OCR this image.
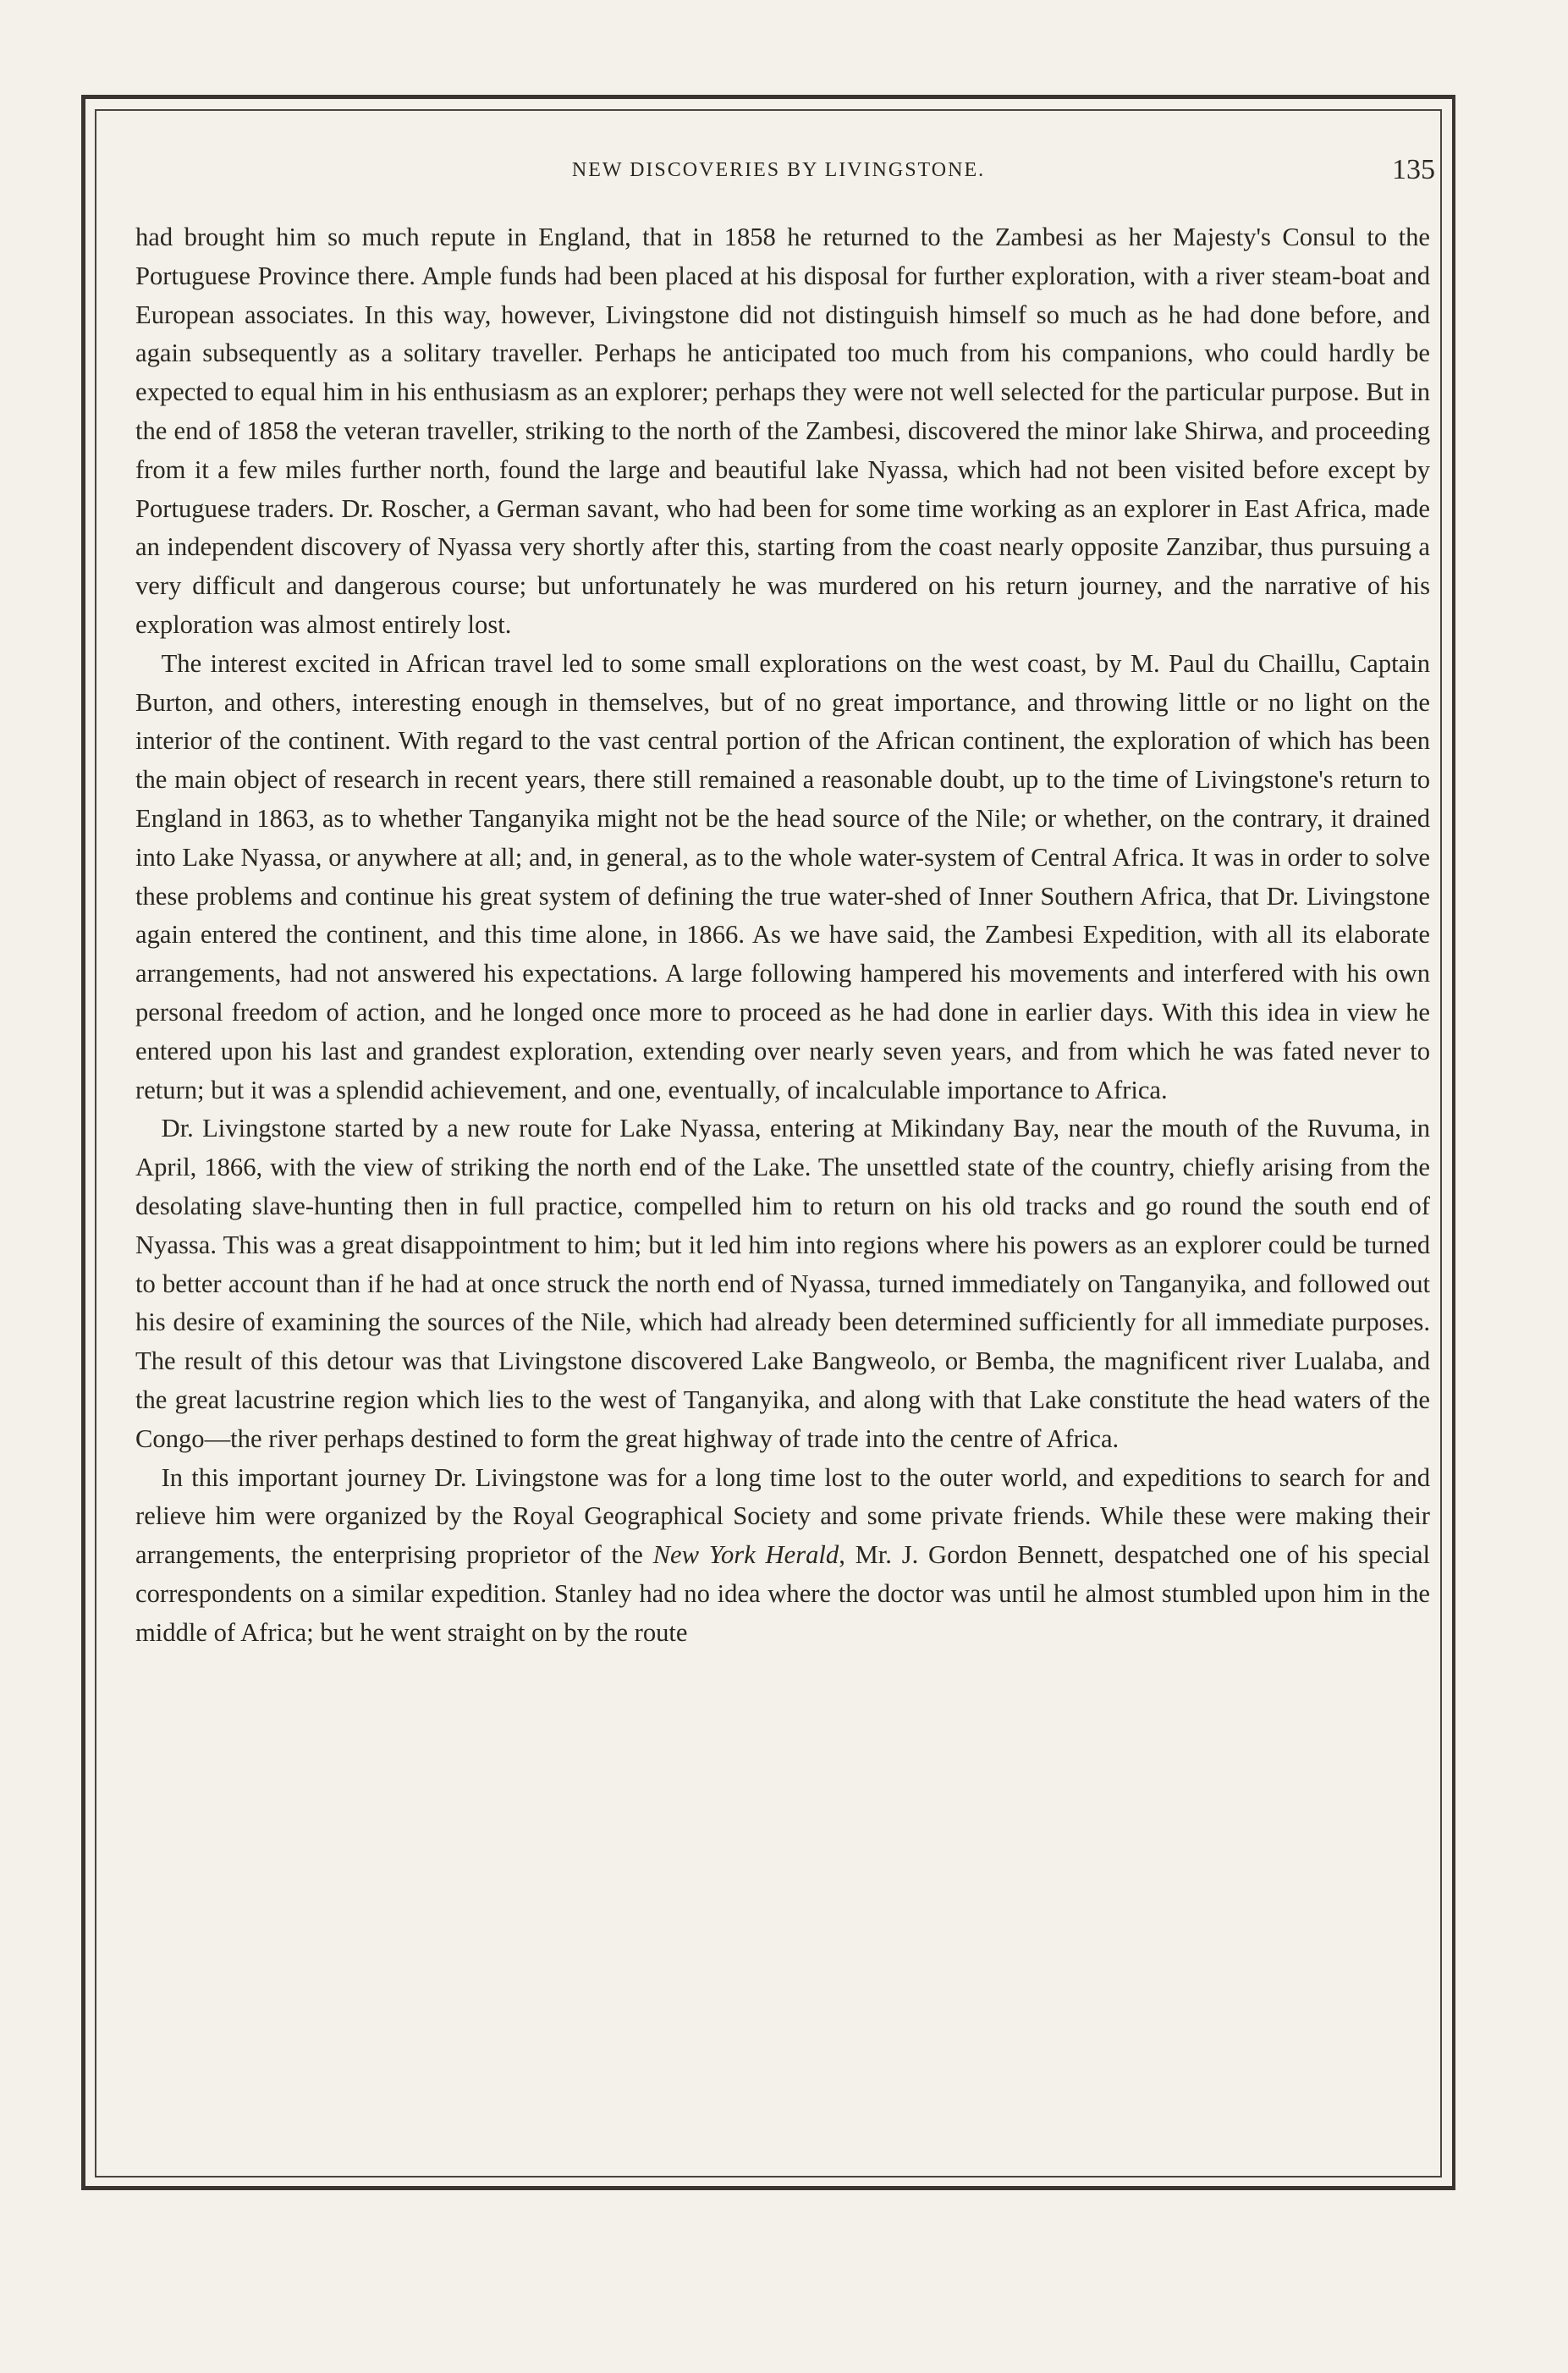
NEW DISCOVERIES BY LIVINGSTONE.	135

had brought him so much repute in England, that in 1858 he returned to the Zambesi as her Majesty's Consul to the Portuguese Province there. Ample funds had been placed at his disposal for further exploration, with a river steam-boat and European associates. In this way, however, Livingstone did not distinguish himself so much as he had done before, and again subsequently as a solitary traveller. Perhaps he anticipated too much from his companions, who could hardly be expected to equal him in his enthusiasm as an explorer; perhaps they were not well selected for the particular purpose. But in the end of 1858 the veteran traveller, striking to the north of the Zambesi, discovered the minor lake Shirwa, and proceeding from it a few miles further north, found the large and beautiful lake Nyassa, which had not been visited before except by Portuguese traders. Dr. Roscher, a German savant, who had been for some time working as an explorer in East Africa, made an independent discovery of Nyassa very shortly after this, starting from the coast nearly opposite Zanzibar, thus pursuing a very difficult and dangerous course; but unfortunately he was murdered on his return journey, and the narrative of his exploration was almost entirely lost.

The interest excited in African travel led to some small explorations on the west coast, by M. Paul du Chaillu, Captain Burton, and others, interesting enough in themselves, but of no great importance, and throwing little or no light on the interior of the continent. With regard to the vast central portion of the African continent, the exploration of which has been the main object of research in recent years, there still remained a reasonable doubt, up to the time of Livingstone's return to England in 1863, as to whether Tanganyika might not be the head source of the Nile; or whether, on the contrary, it drained into Lake Nyassa, or anywhere at all; and, in general, as to the whole water-system of Central Africa. It was in order to solve these problems and continue his great system of defining the true water-shed of Inner Southern Africa, that Dr. Livingstone again entered the continent, and this time alone, in 1866. As we have said, the Zambesi Expedition, with all its elaborate arrangements, had not answered his expectations. A large following hampered his movements and interfered with his own personal freedom of action, and he longed once more to proceed as he had done in earlier days. With this idea in view he entered upon his last and grandest exploration, extending over nearly seven years, and from which he was fated never to return; but it was a splendid achievement, and one, eventually, of incalculable importance to Africa.

Dr. Livingstone started by a new route for Lake Nyassa, entering at Mikindany Bay, near the mouth of the Ruvuma, in April, 1866, with the view of striking the north end of the Lake. The unsettled state of the country, chiefly arising from the desolating slave-hunting then in full practice, compelled him to return on his old tracks and go round the south end of Nyassa. This was a great disappointment to him; but it led him into regions where his powers as an explorer could be turned to better account than if he had at once struck the north end of Nyassa, turned immediately on Tanganyika, and followed out his desire of examining the sources of the Nile, which had already been determined sufficiently for all immediate purposes. The result of this detour was that Livingstone discovered Lake Bangweolo, or Bemba, the magnificent river Lualaba, and the great lacustrine region which lies to the west of Tanganyika, and along with that Lake constitute the head waters of the Congo—the river perhaps destined to form the great highway of trade into the centre of Africa.

In this important journey Dr. Livingstone was for a long time lost to the outer world, and expeditions to search for and relieve him were organized by the Royal Geographical Society and some private friends. While these were making their arrangements, the enterprising proprietor of the New York Herald, Mr. J. Gordon Bennett, despatched one of his special correspondents on a similar expedition. Stanley had no idea where the doctor was until he almost stumbled upon him in the middle of Africa; but he went straight on by the route
